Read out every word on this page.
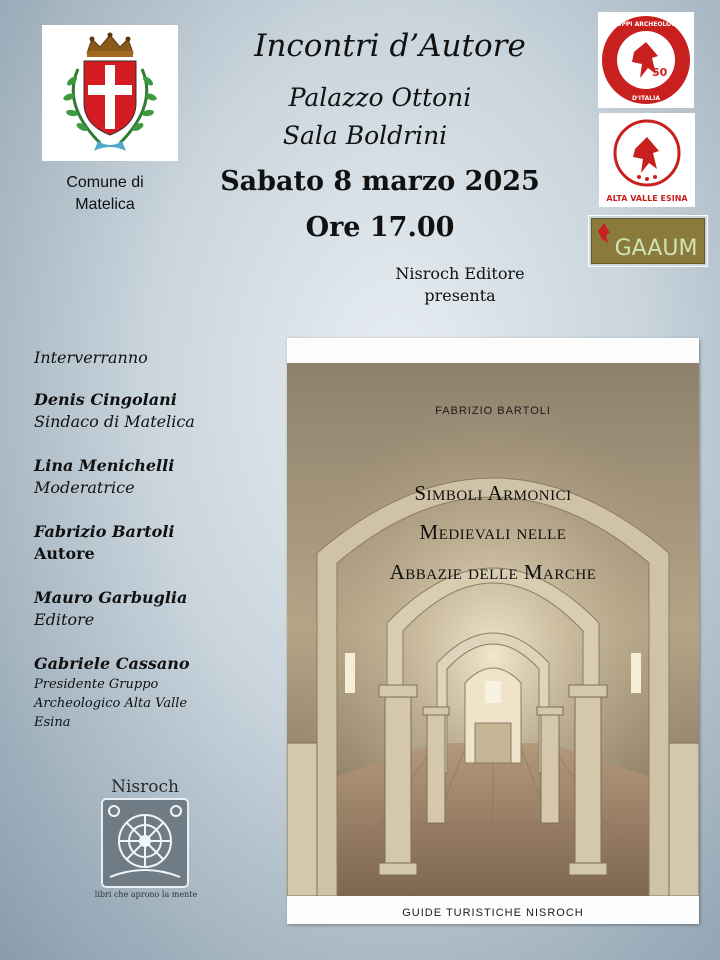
Comune di
Matelica
Incontri d’Autore
Palazzo Ottoni
Sala Boldrini
Sabato 8 marzo 2025
Ore 17.00
Nisroch Editore
presenta
50
GRUPPI ARCHEOLOGICI
D'ITALIA
ALTA VALLE ESINA
GAAUM
Interverranno
Denis Cingolani
Sindaco di Matelica
Lina Menichelli
Moderatrice
Fabrizio Bartoli
Autore
Mauro Garbuglia
Editore
Gabriele Cassano
Presidente Gruppo
Archeologico Alta Valle
Esina
Nisroch
libri che aprono la mente
FABRIZIO BARTOLI
Simboli Armonici
Medievali nelle
Abbazie delle Marche
GUIDE TURISTICHE NISROCH
